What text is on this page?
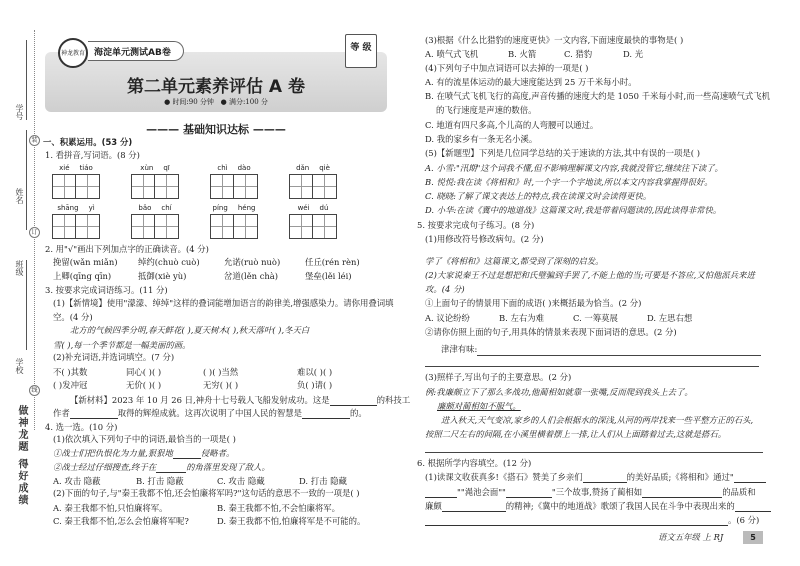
学号
姓名
班级
学校
装
订
线
做神龙题 得好成绩
海淀单元测试AB卷
神龙教育
等 级
第二单元素养评估 A 卷
● 时间:90 分钟   ● 满分:100 分
——— 基础知识达标 ———
一、积累运用。(53 分)
1. 看拼音,写词语。(8 分)
xié tiáo	xùn qī	chì dào	dǎn qiè
shāng yì	bǎo chí	píng héng	wéi dú
2. 用"√"画出下列加点字的正确读音。(4 分)
挽留(wǎn miǎn) 绰约(chuò cuò)	允诺(ruò nuò)	任丘(rén rèn)
上卿(qīng qīn)	抵御(xiè yù)	岔道(lěn chà)	堡垒(lěi léi)
3. 按要求完成词语练习。(11 分)
(1)【新情境】使用"濛濛、绰绰"这样的叠词能增加语言的韵律美,增强感染力。请你用叠词填
空。(4 分)
北方的气候四季分明,春天鲜花( ),夏天树木( ),秋天落叶( ),冬天白
雪( ),每一个季节都是一幅美丽的画。
(2)补充词语,并选词填空。(7 分)
不( )其数	同心( )( )	( )( )当然	难以( )( )
( )发冲冠	无价( )( )	无穷( )( )	负( )请( )
【新材料】2023 年 10 月 26 日,神舟十七号载人飞船发射成功。这是	的科技工
作者	取得的辉煌成就。这再次说明了中国人民的智慧是	的。
4. 选一选。(10 分)
(1)依次填入下列句子中的词语,最恰当的一项是( )
①战士们把仇恨化为力量,狠狠地	侵略者。
②战士经过仔细搜查,终于在	的角落里发现了敌人。
A. 攻击 隐蔽	B. 打击 隐蔽	C. 攻击 隐藏	D. 打击 隐藏
(2)下面的句子,与"秦王我都不怕,还会怕廉将军吗?"这句话的意思不一致的一项是( )
A. 秦王我都不怕,只怕廉将军。	B. 秦王我都不怕,不会怕廉将军。
C. 秦王我都不怕,怎么会怕廉将军呢?	D. 秦王我都不怕,怕廉将军是不可能的。
(3)根据《什么比猎豹的速度更快》一文内容,下面速度最快的事物是( )
A. 喷气式飞机	B. 火箭	C. 猎豹	D. 光
(4)下列句子中加点词语可以去掉的一项是( )
A. 有的流星体运动的最大速度能达到 25 万千米每小时。
B. 在喷气式飞机飞行的高度,声音传播的速度大约是 1050 千米每小时,而一些高速喷气式飞机
的飞行速度是声速的数倍。
C. 地道有四尺多高,个儿高的人弯腰可以通过。
D. 我的家乡有一条无名小溪。
(5)【新题型】下列是几位同学总结的关于速读的方法,其中有误的一项是( )
A. 小雪:"汛期"这个词我不懂,但不影响理解课文内容,我就没管它,继续往下读了。
B. 悦悦:我在读《将相和》时,一个字一个字地读,所以本文内容我掌握得很好。
C. 晓晓:了解了课文表达上的特点,我在读课文时会读得更快。
D. 小华:在读《冀中的地道战》这篇课文时,我是带着问题读的,因此读得非常快。
5. 按要求完成句子练习。(8 分)
(1)用修改符号修改病句。(2 分)
学了《将相和》这篇课文,都受到了深刻的启发。
(2)大家说秦王不过是想把和氏璧骗到手罢了,不能上他的当;可要是不答应,又怕他派兵来进
攻。(4 分)
①上面句子的情景用下面的成语( )来概括最为恰当。(2 分)
A. 议论纷纷	B. 左右为难	C. 一筹莫展	D. 左思右想
②请你仿照上面的句子,用具体的情景来表现下面词语的意思。(2 分)
津津有味:
(3)照样子,写出句子的主要意思。(2 分)
例:我廉颇立下了那么多战功,他蔺相如就靠一张嘴,反而爬到我头上去了。
廉颇对蔺相如不服气。
进入秋天,天气变凉,家乡的人们会根据水的深浅,从河的两岸找来一些平整方正的石头,
按照二尺左右的间隔,在小溪里横着摆上一排,让人们从上面踏着过去,这就是搭石。
6. 根据所学内容填空。(12 分)
(1)读课文收获真多!《搭石》赞美了乡亲们	的美好品质;《将相和》通过"
""渑池会面""	"三个故事,赞扬了蔺相如	的品质和
廉颇	的精神;《冀中的地道战》歌颂了我国人民在斗争中表现出来的
。(6 分)
语文五年级 上 RJ	5
